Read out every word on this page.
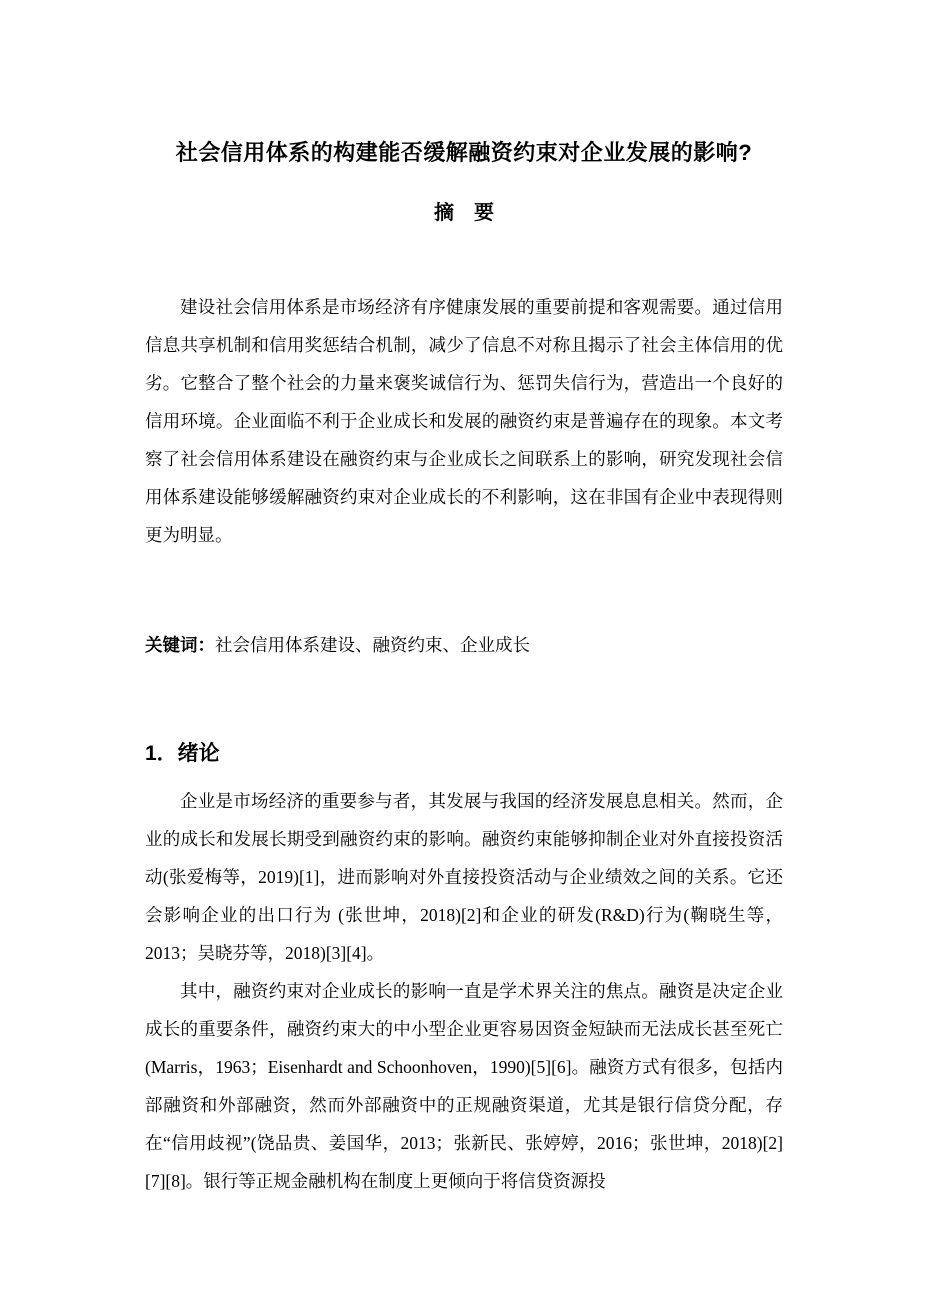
社会信用体系的构建能否缓解融资约束对企业发展的影响?
摘　要

建设社会信用体系是市场经济有序健康发展的重要前提和客观需要。通过信用信息共享机制和信用奖惩结合机制，减少了信息不对称且揭示了社会主体信用的优劣。它整合了整个社会的力量来褒奖诚信行为、惩罚失信行为，营造出一个良好的信用环境。企业面临不利于企业成长和发展的融资约束是普遍存在的现象。本文考察了社会信用体系建设在融资约束与企业成长之间联系上的影响，研究发现社会信用体系建设能够缓解融资约束对企业成长的不利影响，这在非国有企业中表现得则更为明显。

关键词：社会信用体系建设、融资约束、企业成长

1．绪论

企业是市场经济的重要参与者，其发展与我国的经济发展息息相关。然而，企业的成长和发展长期受到融资约束的影响。融资约束能够抑制企业对外直接投资活动(张爱梅等，2019)[1]，进而影响对外直接投资活动与企业绩效之间的关系。它还会影响企业的出口行为 (张世坤，2018)[2]和企业的研发(R&D)行为(鞠晓生等，2013；吴晓芬等，2018)[3][4]。

其中，融资约束对企业成长的影响一直是学术界关注的焦点。融资是决定企业成长的重要条件，融资约束大的中小型企业更容易因资金短缺而无法成长甚至死亡(Marris，1963；Eisenhardt and Schoonhoven，1990)[5][6]。融资方式有很多，包括内部融资和外部融资，然而外部融资中的正规融资渠道，尤其是银行信贷分配，存在“信用歧视”(饶品贵、姜国华，2013；张新民、张婷婷，2016；张世坤，2018)[2][7][8]。银行等正规金融机构在制度上更倾向于将信贷资源投
